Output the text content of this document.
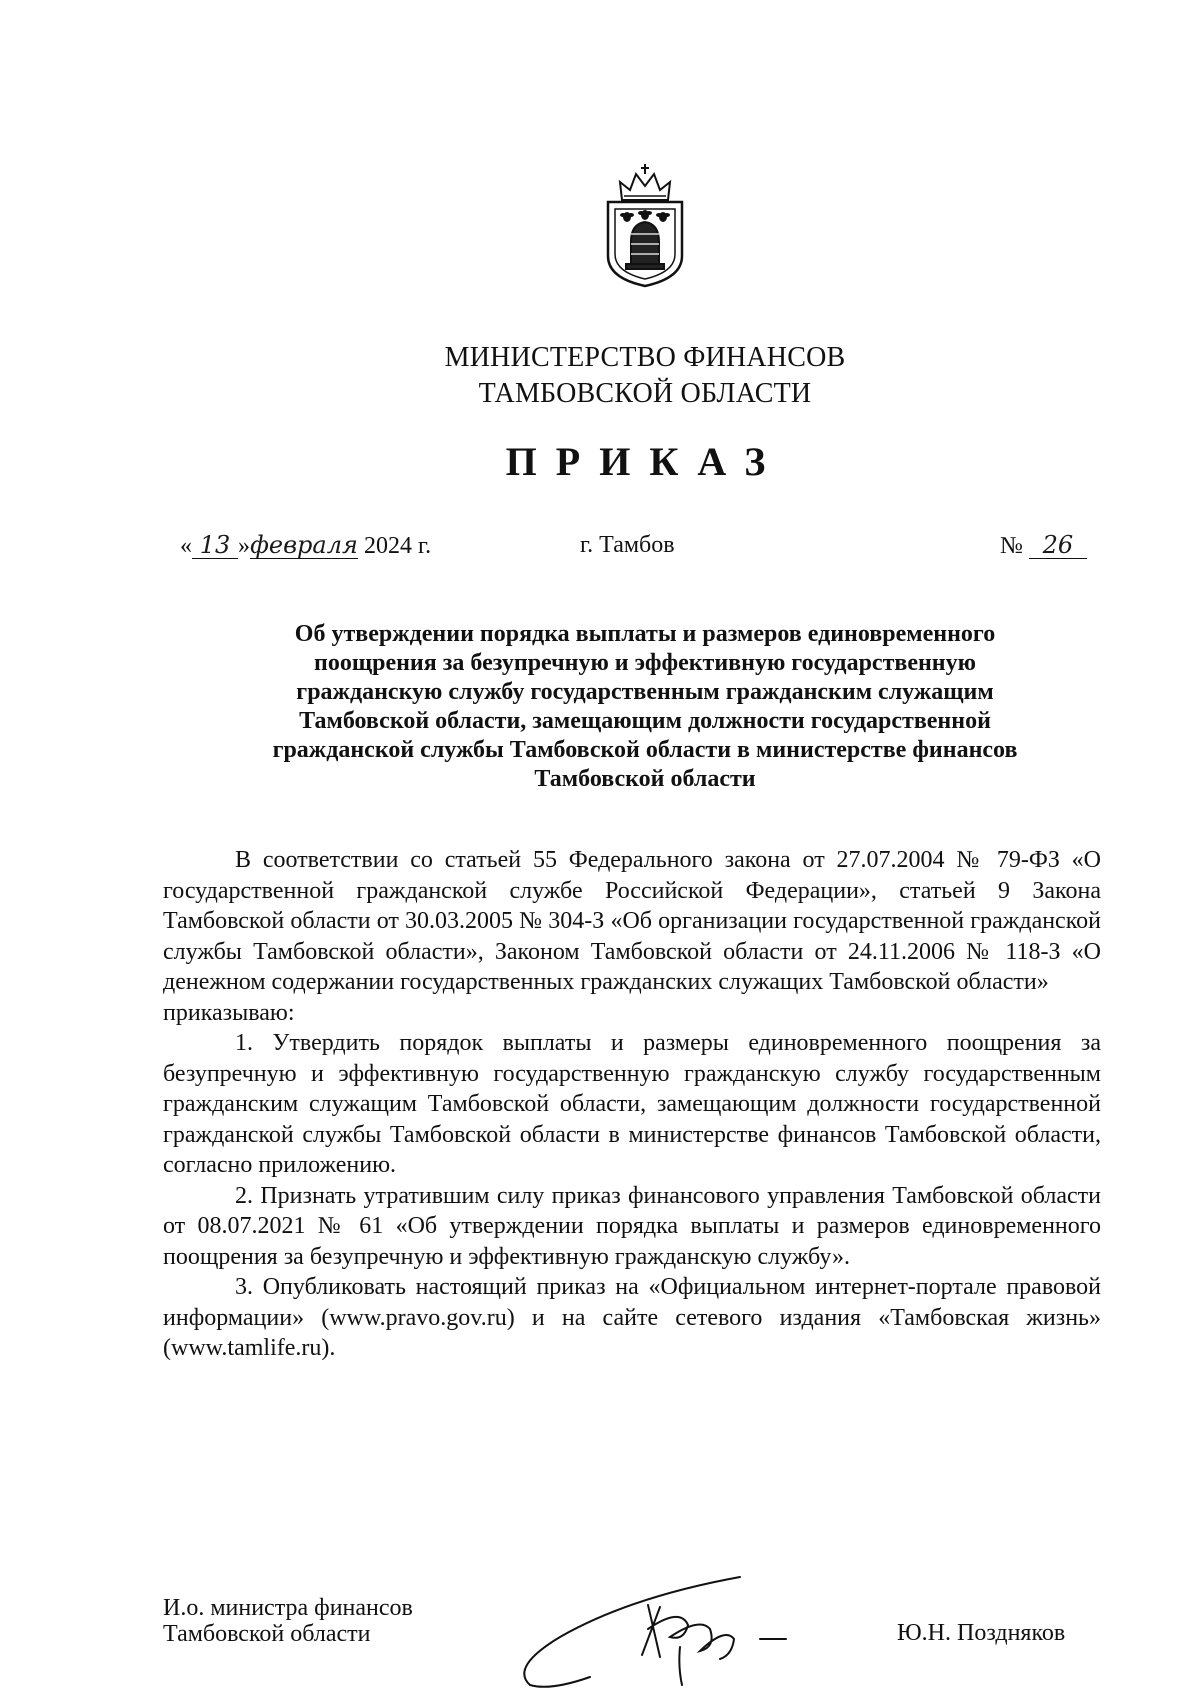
МИНИСТЕРСТВО ФИНАНСОВ
ТАМБОВСКОЙ ОБЛАСТИ
ПРИКАЗ
« 13 »февраля 2024 г.	г. Тамбов	№ 26
Об утверждении порядка выплаты и размеров единовременного
поощрения за безупречную и эффективную государственную
гражданскую службу государственным гражданским служащим
Тамбовской области, замещающим должности государственной
гражданской службы Тамбовской области в министерстве финансов
Тамбовской области

В соответствии со статьей 55 Федерального закона от 27.07.2004 № 79-ФЗ «О государственной гражданской службе Российской Федерации», статьей 9 Закона Тамбовской области от 30.03.2005 № 304-З «Об организации государственной гражданской службы Тамбовской области», Законом Тамбовской области от 24.11.2006 № 118-З «О денежном содержании государственных гражданских служащих Тамбовской области»

приказываю:

1. Утвердить порядок выплаты и размеры единовременного поощрения за безупречную и эффективную государственную гражданскую службу государственным гражданским служащим Тамбовской области, замещающим должности государственной гражданской службы Тамбовской области в министерстве финансов Тамбовской области, согласно приложению.

2. Признать утратившим силу приказ финансового управления Тамбовской области от 08.07.2021 № 61 «Об утверждении порядка выплаты и размеров единовременного поощрения за безупречную и эффективную гражданскую службу».

3. Опубликовать настоящий приказ на «Официальном интернет-портале правовой информации» (www.pravo.gov.ru) и на сайте сетевого издания «Тамбовская жизнь» (www.tamlife.ru).

И.о. министра финансов
Тамбовской области	Ю.Н. Поздняков
